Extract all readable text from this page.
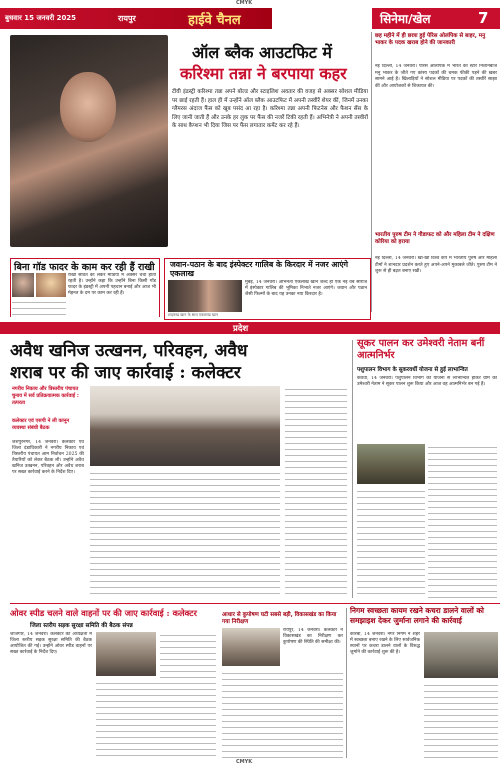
CMYK
बुधवार 15 जनवरी 2025	रायपुर	हाईवे चैनल	सिनेमा/खेल	7
ऑल ब्लैक आउटफिट में
करिश्मा तन्ना ने बरपाया कहर
टीवी इंडस्ट्री करिश्मा तन्ना अपने बोल्ड और स्टाइलिश अवतार की वजह से अक्सर सोशल मीडिया पर छाई रहती हैं। हाल ही में उन्होंने ऑल ब्लैक आउटफिट में अपनी तस्वीरें शेयर कीं, जिनमें उनका ग्लैमरस अंदाज फैंस को खूब पसंद आ रहा है। करिश्मा तन्ना अपनी फिटनेस और फैशन सेंस के लिए जानी जाती हैं और उनके हर लुक पर फैंस की नजरें टिकी रहती हैं। अभिनेत्री ने अपनी तस्वीरों के साथ कैप्शन भी दिया जिस पर फैंस लगातार कमेंट कर रहे हैं।
छह महीने में ही छात्रा हुई पेरिस ओलंपिक से बाहर, मनु भाकर के पदक खराब होने की जानकारी
नई दिल्ली, 14 जनवरी। पेरिस ओलंपिक में भारत की स्टार निशानेबाज मनु भाकर के जीते गए कांस्य पदकों की चमक फीकी पड़ने की खबर सामने आई है। खिलाड़ियों ने सोशल मीडिया पर पदकों की तस्वीरें साझा कीं और आयोजकों से शिकायत की।
भारतीय पुरुष टीम ने गौडाफट को और महिला टीम ने दक्षिण कोरिया को हराया
नई दिल्ली, 14 जनवरी। खो-खो विश्व कप में भारतीय पुरुष और महिला टीमों ने शानदार प्रदर्शन करते हुए अपने-अपने मुकाबले जीते। पुरुष टीम ने शुरू से ही बढ़त बनाए रखी।
बिना गॉड फादर के काम कर रही हैं राखी
राखी सावंत को लेकर मीडिया में अक्सर चर्चा होती रहती है। उन्होंने कहा कि उन्होंने बिना किसी गॉड फादर के इंडस्ट्री में अपनी पहचान बनाई और आज भी मेहनत के दम पर काम कर रही हैं।
जवान-पठान के बाद इंस्पेक्टर गालिब के किरदार में नजर आएंगे एकलाख
मुंबई, 14 जनवरी। अभिनेता एकलाख खान जल्द ही एक नई वेब सीरीज में इंस्पेक्टर गालिब की भूमिका निभाते नजर आएंगे। जवान और पठान जैसी फिल्मों के बाद यह उनका नया किरदार है।
शाहरुख खान के साथ एकलाख खान
प्रदेश
अवैध खनिज उत्खनन, परिवहन, अवैध
शराब पर की जाए कार्रवाई : कलेक्टर
नगरीय निकाय और त्रिस्तरीय पंचायत चुनाव में सर्व प्रतिक्रयात्मक कार्रवाई : तत्परता
कलेक्टर एवं एसपी ने ली कानून व्यवस्था संबंधी बैठक
जशपुरनगर, 14 जनवरी। कलेक्टर एवं जिला दंडाधिकारी ने नगरीय निकाय एवं त्रिस्तरीय पंचायत आम निर्वाचन 2025 की तैयारियों को लेकर बैठक ली। उन्होंने अवैध खनिज उत्खनन, परिवहन और अवैध शराब पर सख्त कार्रवाई करने के निर्देश दिए।
सूकर पालन कर उमेश्वरी नेताम बनीं आत्मनिर्भर
पशुपालन विभाग के सुकरवर्धी योजना से हुई लाभान्वित
कवर्धा, 14 जनवरी। पशुपालन विभाग की योजना से लाभान्वित होकर ग्राम की उमेश्वरी नेताम ने सूकर पालन शुरू किया और आज वह आत्मनिर्भर बन गई हैं।
ओवर स्पीड चलने वाले वाहनों पर की जाए कार्रवाई : कलेक्टर
जिला स्तरीय सड़क सुरक्षा समिति की बैठक संपन्न
जांजगीर, 14 जनवरी। कलेक्टर की अध्यक्षता में जिला स्तरीय सड़क सुरक्षा समिति की बैठक आयोजित की गई। उन्होंने ओवर स्पीड वाहनों पर सख्त कार्रवाई के निर्देश दिए।
आधार से कुपोषण घटी सबसे बड़ी, विकासखंड का किया गया निरीक्षण
रायपुर, 14 जनवरी। कलेक्टर ने विकासखंड का निरीक्षण कर कुपोषण की स्थिति की समीक्षा की।
निगम स्वच्छता कायम रखने कचरा डालने वालों को समझाइश देकर जुर्माना लगाने की कार्रवाई
कोरबा, 14 जनवरी। नगर निगम ने शहर में स्वच्छता बनाए रखने के लिए सार्वजनिक स्थानों पर कचरा डालने वालों के विरुद्ध जुर्माने की कार्रवाई शुरू की है।
CMYK
